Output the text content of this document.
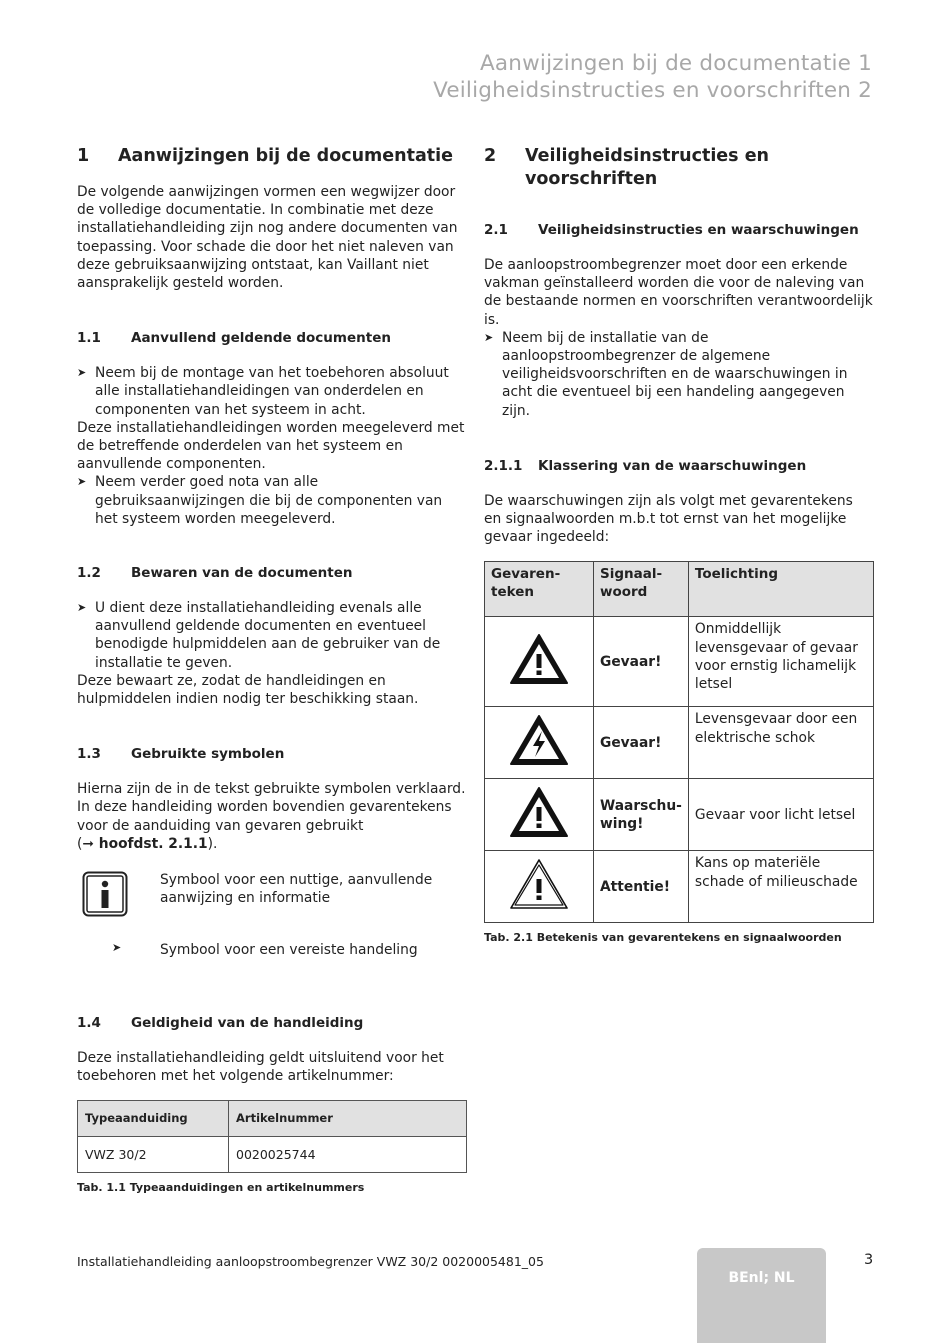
Aanwijzingen bij de documentatie 1
Veiligheidsinstructies en voorschriften 2
1	Aanwijzingen bij de documentatie

De volgende aanwijzingen vormen een wegwijzer door de volledige documentatie. In combinatie met deze installatiehandleiding zijn nog andere documenten van toepassing. Voor schade die door het niet naleven van deze gebruiksaanwijzing ontstaat, kan Vaillant niet aansprakelijk gesteld worden.

1.1	Aanvullend geldende documenten
➤ Neem bij de montage van het toebehoren absoluut alle installatiehandleidingen van onderdelen en componenten van het systeem in acht.

Deze installatiehandleidingen worden meegeleverd met de betreffende onderdelen van het systeem en aanvullende componenten.

➤ Neem verder goed nota van alle gebruiksaanwijzingen die bij de componenten van het systeem worden meegeleverd.
1.2	Bewaren van de documenten
➤ U dient deze installatiehandleiding evenals alle aanvullend geldende documenten en eventueel benodigde hulpmiddelen aan de gebruiker van de installatie te geven.

Deze bewaart ze, zodat de handleidingen en hulpmiddelen indien nodig ter beschikking staan.

1.3	Gebruikte symbolen

Hierna zijn de in de tekst gebruikte symbolen verklaard. In deze handleiding worden bovendien gevarentekens voor de aanduiding van gevaren gebruikt
(➞ hoofdst. 2.1.1).

Symbool voor een nuttige, aanvullende aanwijzing en informatie
➤	Symbool voor een vereiste handeling
1.4	Geldigheid van de handleiding

Deze installatiehandleiding geldt uitsluitend voor het toebehoren met het volgende artikelnummer:

Typeaanduiding	Artikelnummer
VWZ 30/2	0020025744

Tab. 1.1 Typeaanduidingen en artikelnummers

2	Veiligheidsinstructies en
voorschriften
2.1	Veiligheidsinstructies en waarschuwingen

De aanloopstroombegrenzer moet door een erkende vakman geïnstalleerd worden die voor de naleving van de bestaande normen en voorschriften verantwoordelijk is.

➤ Neem bij de installatie van de aanloopstroombegrenzer de algemene veiligheidsvoorschriften en de waarschuwingen in acht die eventueel bij een handeling aangegeven zijn.
2.1.1	Klassering van de waarschuwingen

De waarschuwingen zijn als volgt met gevarentekens en signaalwoorden m.b.t tot ernst van het mogelijke gevaar ingedeeld:

Gevaren-teken	Signaal-woord	Toelichting
	Gevaar!	Onmiddellijk levensgevaar of gevaar voor ernstig lichamelijk letsel
	Gevaar!	Levensgevaar door een elektrische schok
	Waarschu-
wing!	Gevaar voor licht letsel
	Attentie!	Kans op materiële schade of milieuschade

Tab. 2.1 Betekenis van gevarentekens en signaalwoorden

Installatiehandleiding aanloopstroombegrenzer VWZ 30/2 0020005481_05
BEnl; NL
3
